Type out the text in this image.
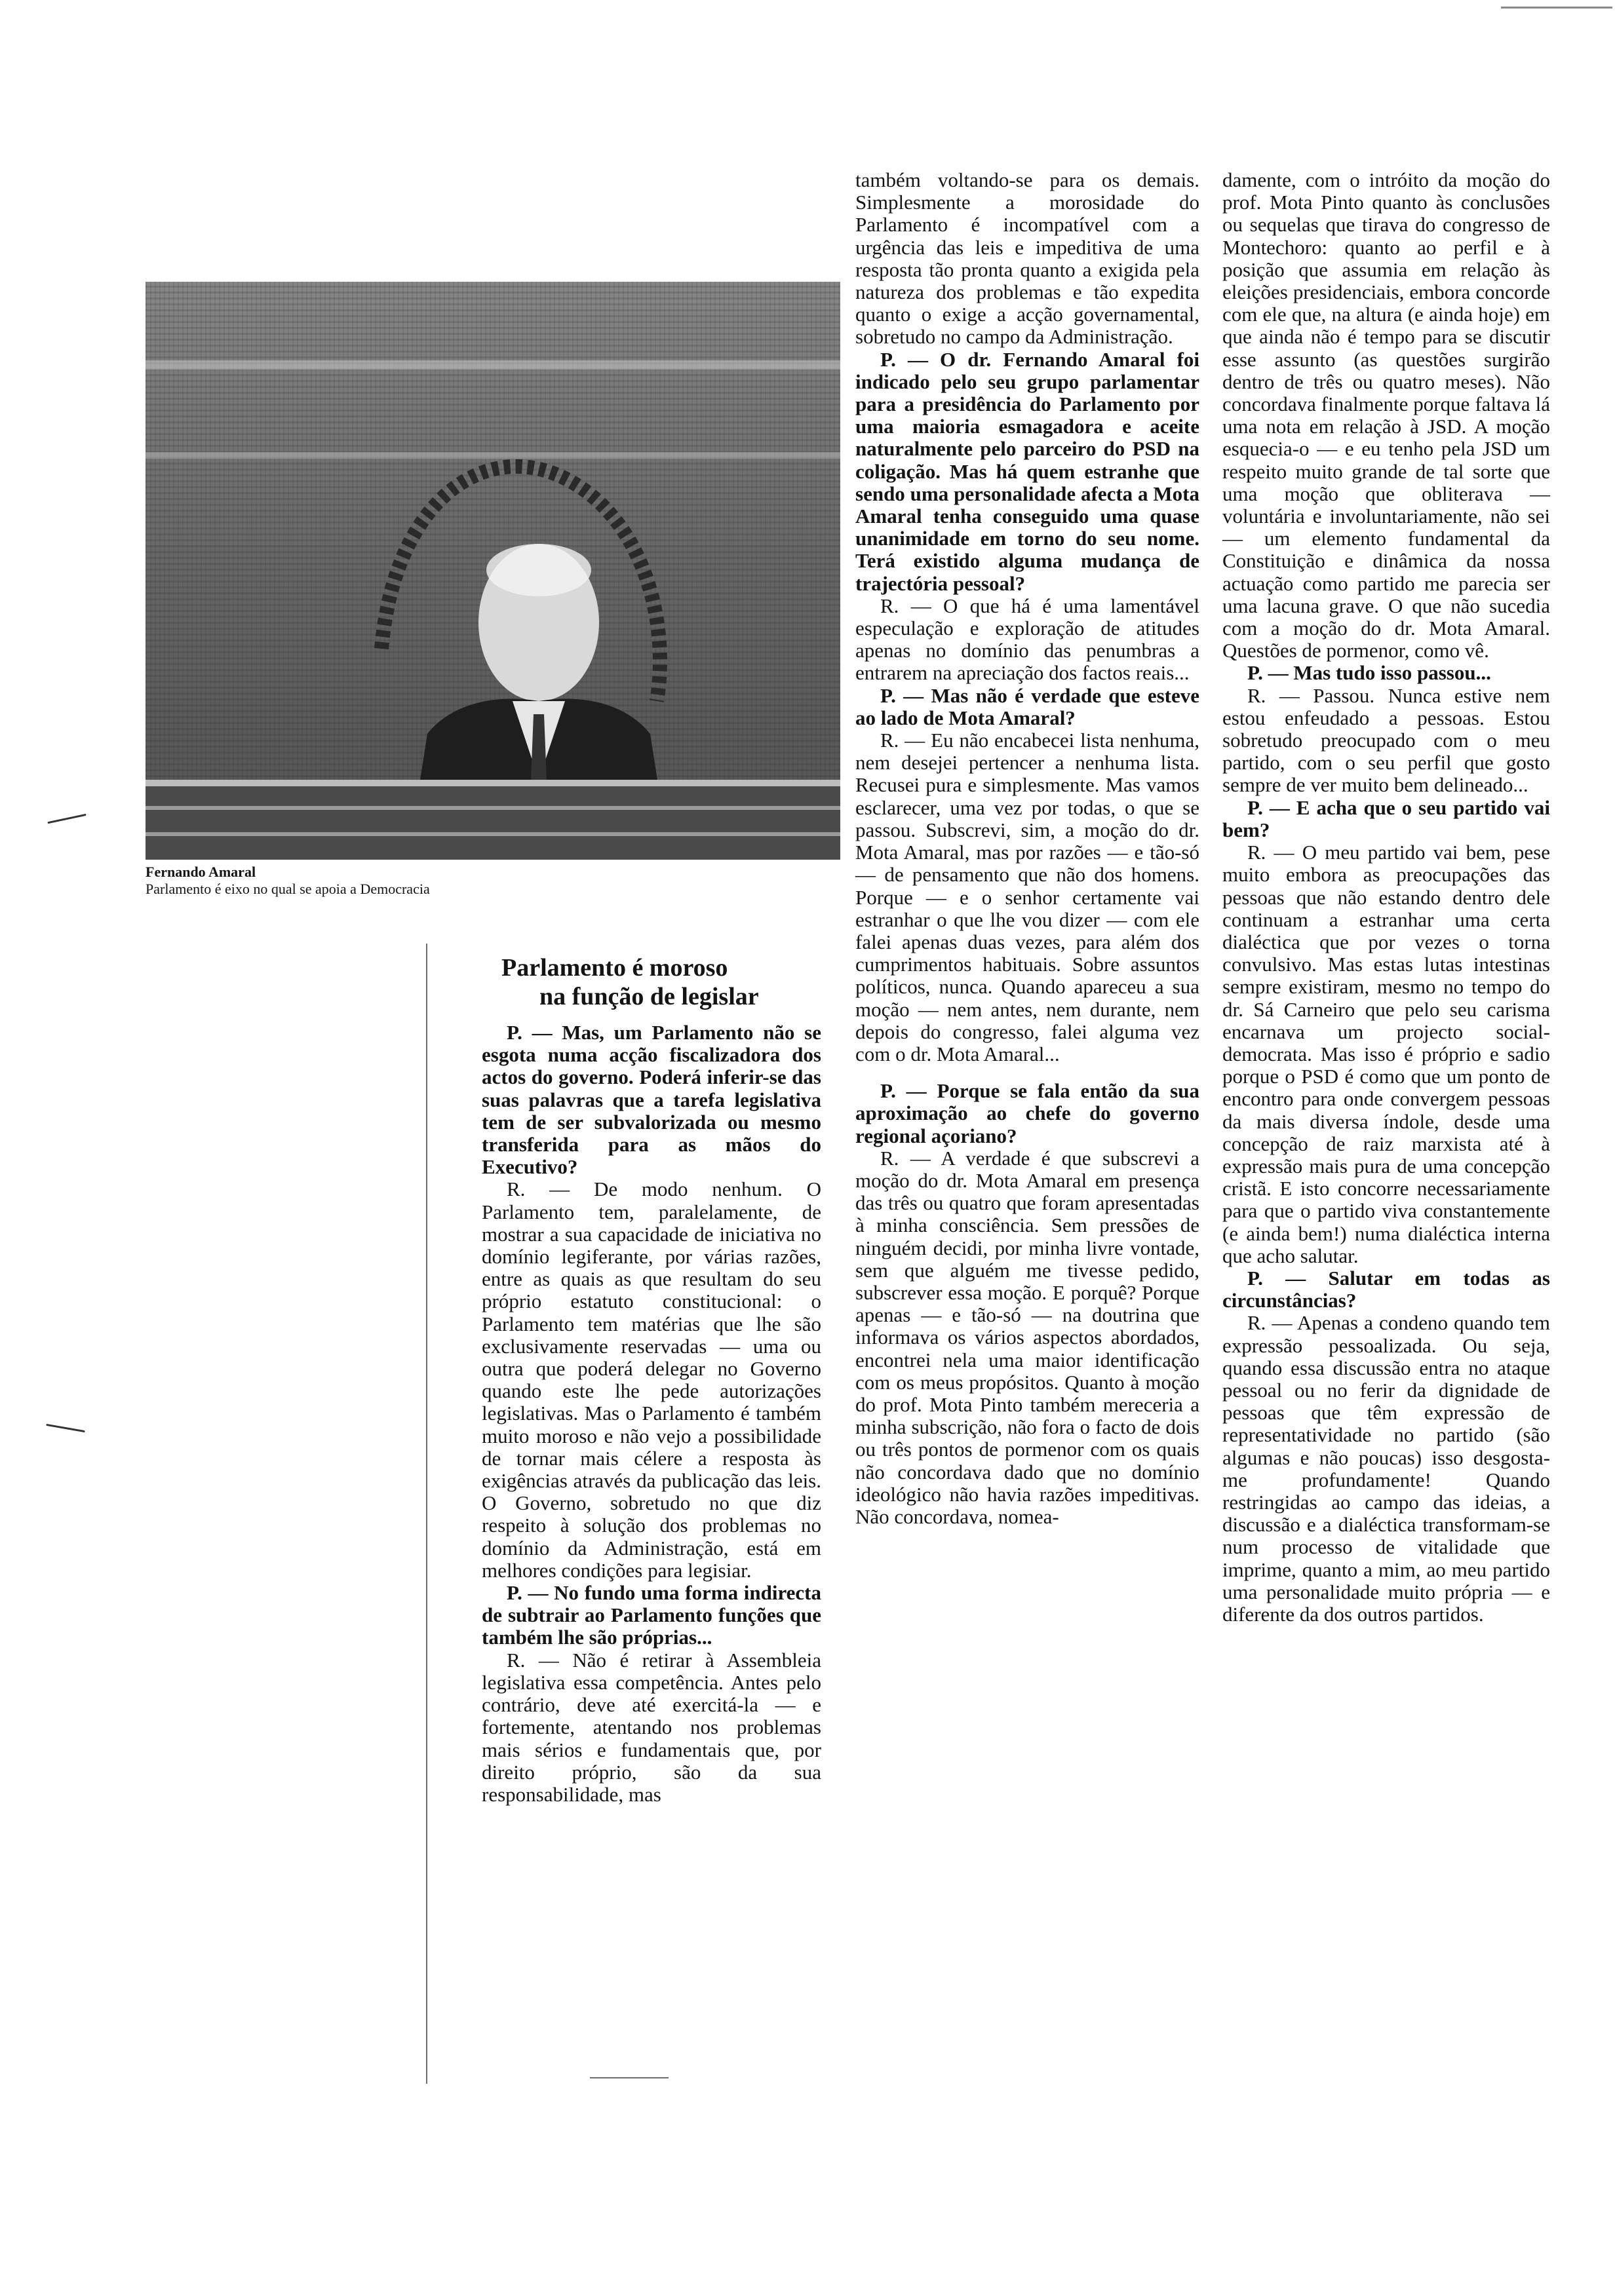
Fernando Amaral
Parlamento é eixo no qual se apoia a Democracia
Parlamento é moroso
na função de legislar

P. — Mas, um Parlamento não se esgota numa acção fiscalizadora dos actos do governo. Poderá inferir-se das suas palavras que a tarefa legislativa tem de ser subvalorizada ou mesmo transferida para as mãos do Executivo?

R. — De modo nenhum. O Parlamento tem, paralelamente, de mostrar a sua capacidade de iniciativa no domínio legiferante, por várias razões, entre as quais as que resultam do seu próprio estatuto constitucional: o Parlamento tem matérias que lhe são exclusivamente reservadas — uma ou outra que poderá delegar no Governo quando este lhe pede autorizações legislativas. Mas o Parlamento é também muito moroso e não vejo a possibilidade de tornar mais célere a resposta às exigências através da publicação das leis. O Governo, sobretudo no que diz respeito à solução dos problemas no domínio da Administração, está em melhores condições para legisiar.

P. — No fundo uma forma indirecta de subtrair ao Parlamento funções que também lhe são próprias...

R. — Não é retirar à Assembleia legislativa essa competência. Antes pelo contrário, deve até exercitá-la — e fortemente, atentando nos problemas mais sérios e fundamentais que, por direito próprio, são da sua responsabilidade, mas

também voltando-se para os demais. Simplesmente a morosidade do Parlamento é incompatível com a urgência das leis e impeditiva de uma resposta tão pronta quanto a exigida pela natureza dos problemas e tão expedita quanto o exige a acção governamental, sobretudo no campo da Administração.

P. — O dr. Fernando Amaral foi indicado pelo seu grupo parlamentar para a presidência do Parlamento por uma maioria esmagadora e aceite naturalmente pelo parceiro do PSD na coligação. Mas há quem estranhe que sendo uma personalidade afecta a Mota Amaral tenha conseguido uma quase unanimidade em torno do seu nome. Terá existido alguma mudança de trajectória pessoal?

R. — O que há é uma lamentável especulação e exploração de atitudes apenas no domínio das penumbras a entrarem na apreciação dos factos reais...

P. — Mas não é verdade que esteve ao lado de Mota Amaral?

R. — Eu não encabecei lista nenhuma, nem desejei pertencer a nenhuma lista. Recusei pura e simplesmente. Mas vamos esclarecer, uma vez por todas, o que se passou. Subscrevi, sim, a moção do dr. Mota Amaral, mas por razões — e tão-só — de pensamento que não dos homens. Porque — e o senhor certamente vai estranhar o que lhe vou dizer — com ele falei apenas duas vezes, para além dos cumprimentos habituais. Sobre assuntos políticos, nunca. Quando apareceu a sua moção — nem antes, nem durante, nem depois do congresso, falei alguma vez com o dr. Mota Amaral...

P. — Porque se fala então da sua aproximação ao chefe do governo regional açoriano?

R. — A verdade é que subscrevi a moção do dr. Mota Amaral em presença das três ou quatro que foram apresentadas à minha consciência. Sem pressões de ninguém decidi, por minha livre vontade, sem que alguém me tivesse pedido, subscrever essa moção. E porquê? Porque apenas — e tão-só — na doutrina que informava os vários aspectos abordados, encontrei nela uma maior identificação com os meus propósitos. Quanto à moção do prof. Mota Pinto também mereceria a minha subscrição, não fora o facto de dois ou três pontos de pormenor com os quais não concordava dado que no domínio ideológico não havia razões impeditivas. Não concordava, nomea-

damente, com o intróito da moção do prof. Mota Pinto quanto às conclusões ou sequelas que tirava do congresso de Montechoro: quanto ao perfil e à posição que assumia em relação às eleições presidenciais, embora concorde com ele que, na altura (e ainda hoje) em que ainda não é tempo para se discutir esse assunto (as questões surgirão dentro de três ou quatro meses). Não concordava finalmente porque faltava lá uma nota em relação à JSD. A moção esquecia-o — e eu tenho pela JSD um respeito muito grande de tal sorte que uma moção que obliterava — voluntária e involuntariamente, não sei — um elemento fundamental da Constituição e dinâmica da nossa actuação como partido me parecia ser uma lacuna grave. O que não sucedia com a moção do dr. Mota Amaral. Questões de pormenor, como vê.

P. — Mas tudo isso passou...

R. — Passou. Nunca estive nem estou enfeudado a pessoas. Estou sobretudo preocupado com o meu partido, com o seu perfil que gosto sempre de ver muito bem delineado...

P. — E acha que o seu partido vai bem?

R. — O meu partido vai bem, pese muito embora as preocupações das pessoas que não estando dentro dele continuam a estranhar uma certa dialéctica que por vezes o torna convulsivo. Mas estas lutas intestinas sempre existiram, mesmo no tempo do dr. Sá Carneiro que pelo seu carisma encarnava um projecto social-democrata. Mas isso é próprio e sadio porque o PSD é como que um ponto de encontro para onde convergem pessoas da mais diversa índole, desde uma concepção de raiz marxista até à expressão mais pura de uma concepção cristã. E isto concorre necessariamente para que o partido viva constantemente (e ainda bem!) numa dialéctica interna que acho salutar.

P. — Salutar em todas as circunstâncias?

R. — Apenas a condeno quando tem expressão pessoalizada. Ou seja, quando essa discussão entra no ataque pessoal ou no ferir da dignidade de pessoas que têm expressão de representatividade no partido (são algumas e não poucas) isso desgosta-me profundamente! Quando restringidas ao campo das ideias, a discussão e a dialéctica transformam-se num processo de vitalidade que imprime, quanto a mim, ao meu partido uma personalidade muito própria — e diferente da dos outros partidos.
